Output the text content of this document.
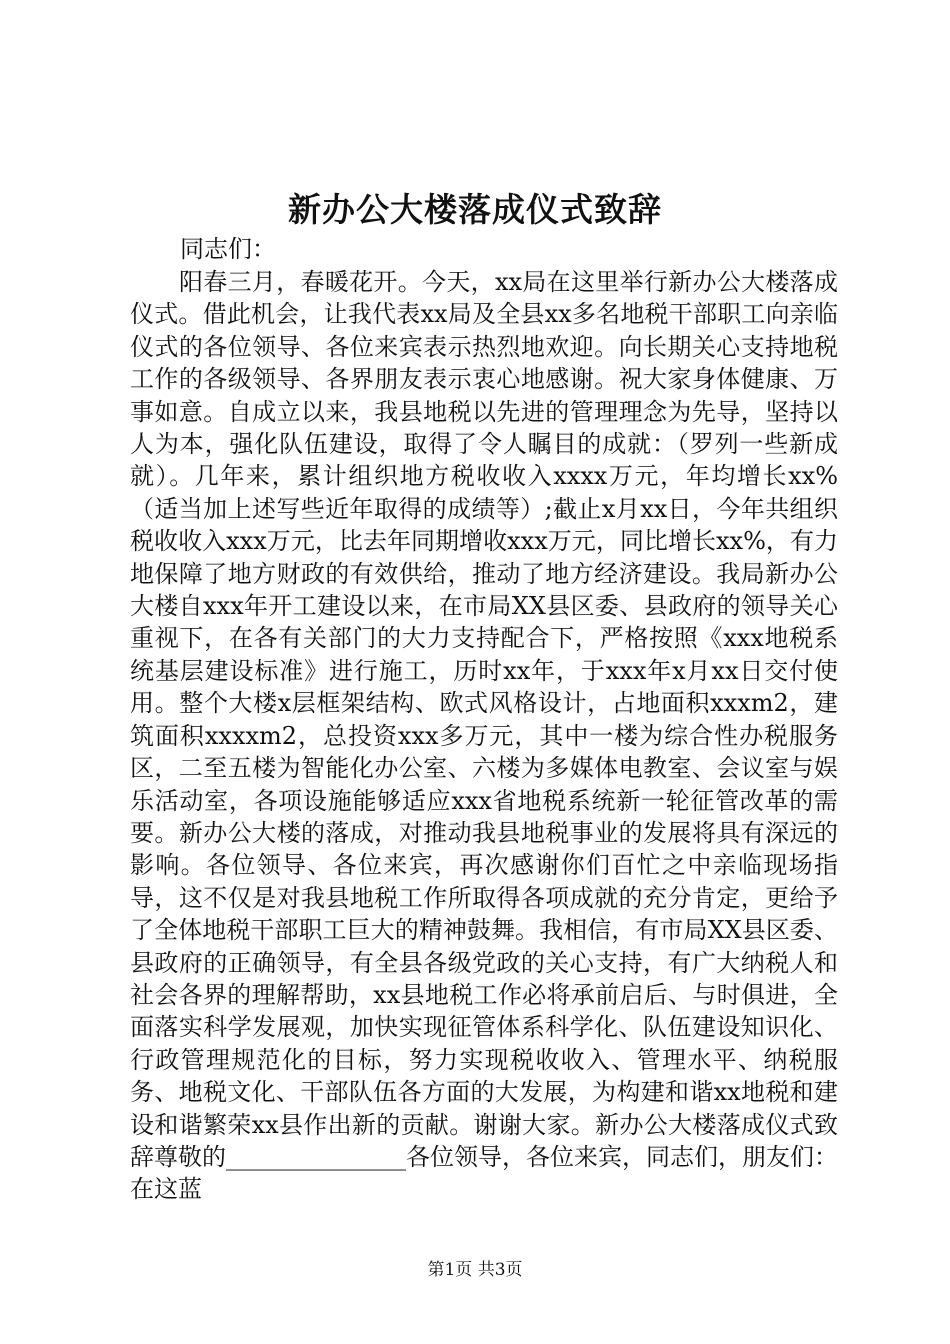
新办公大楼落成仪式致辞

同志们：

阳春三月，春暖花开。今天，xx局在这里举行新办公大楼落成仪式。借此机会，让我代表xx局及全县xx多名地税干部职工向亲临仪式的各位领导、各位来宾表示热烈地欢迎。向长期关心支持地税工作的各级领导、各界朋友表示衷心地感谢。祝大家身体健康、万事如意。自成立以来，我县地税以先进的管理理念为先导，坚持以人为本，强化队伍建设，取得了令人瞩目的成就：（罗列一些新成就）。几年来，累计组织地方税收收入xxxx万元，年均增长xx%（适当加上述写些近年取得的成绩等）;截止x月xx日，今年共组织税收收入xxx万元，比去年同期增收xxx万元，同比增长xx%，有力地保障了地方财政的有效供给，推动了地方经济建设。我局新办公大楼自xxx年开工建设以来，在市局XX县区委、县政府的领导关心重视下，在各有关部门的大力支持配合下，严格按照《xxx地税系统基层建设标准》进行施工，历时xx年，于xxx年x月xx日交付使用。整个大楼x层框架结构、欧式风格设计，占地面积xxxm2，建筑面积xxxxm2，总投资xxx多万元，其中一楼为综合性办税服务区，二至五楼为智能化办公室、六楼为多媒体电教室、会议室与娱乐活动室，各项设施能够适应xxx省地税系统新一轮征管改革的需要。新办公大楼的落成，对推动我县地税事业的发展将具有深远的影响。各位领导、各位来宾，再次感谢你们百忙之中亲临现场指导，这不仅是对我县地税工作所取得各项成就的充分肯定，更给予了全体地税干部职工巨大的精神鼓舞。我相信，有市局XX县区委、县政府的正确领导，有全县各级党政的关心支持，有广大纳税人和社会各界的理解帮助，xx县地税工作必将承前启后、与时俱进，全面落实科学发展观，加快实现征管体系科学化、队伍建设知识化、行政管理规范化的目标，努力实现税收收入、管理水平、纳税服务、地税文化、干部队伍各方面的大发展，为构建和谐xx地税和建设和谐繁荣xx县作出新的贡献。谢谢大家。新办公大楼落成仪式致辞尊敬的_______________各位领导，各位来宾，同志们，朋友们：在这蓝

第1页 共3页
